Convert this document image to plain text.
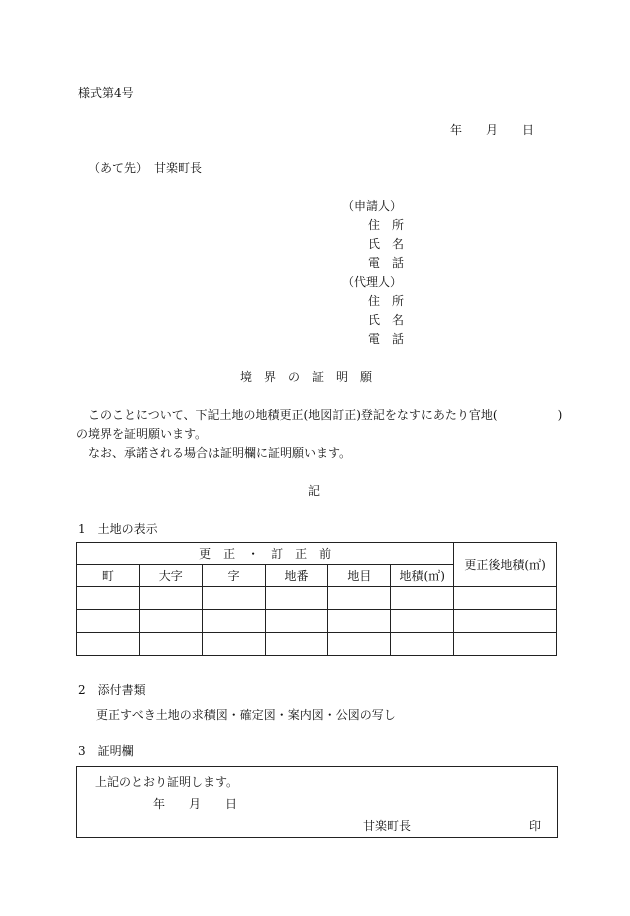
様式第4号
年　　月　　日
（あて先）　甘楽町長
（申請人）
住　所
氏　名
電　話
（代理人）
住　所
氏　名
電　話
境　界　の　証　明　願
　このことについて、下記土地の地積更正(地図訂正)登記をなすにあたり官地(　　　　　)
の境界を証明願います。
　なお、承諾される場合は証明欄に証明願います。
記
1　土地の表示
更　正　・　訂　正　前						更正後地積(㎡)
町	大字	字	地番	地目	地積(㎡)	

2　添付書類
更正すべき土地の求積図・確定図・案内図・公図の写し
3　証明欄
上記のとおり証明します。
年　　月　　日
甘楽町長	印
